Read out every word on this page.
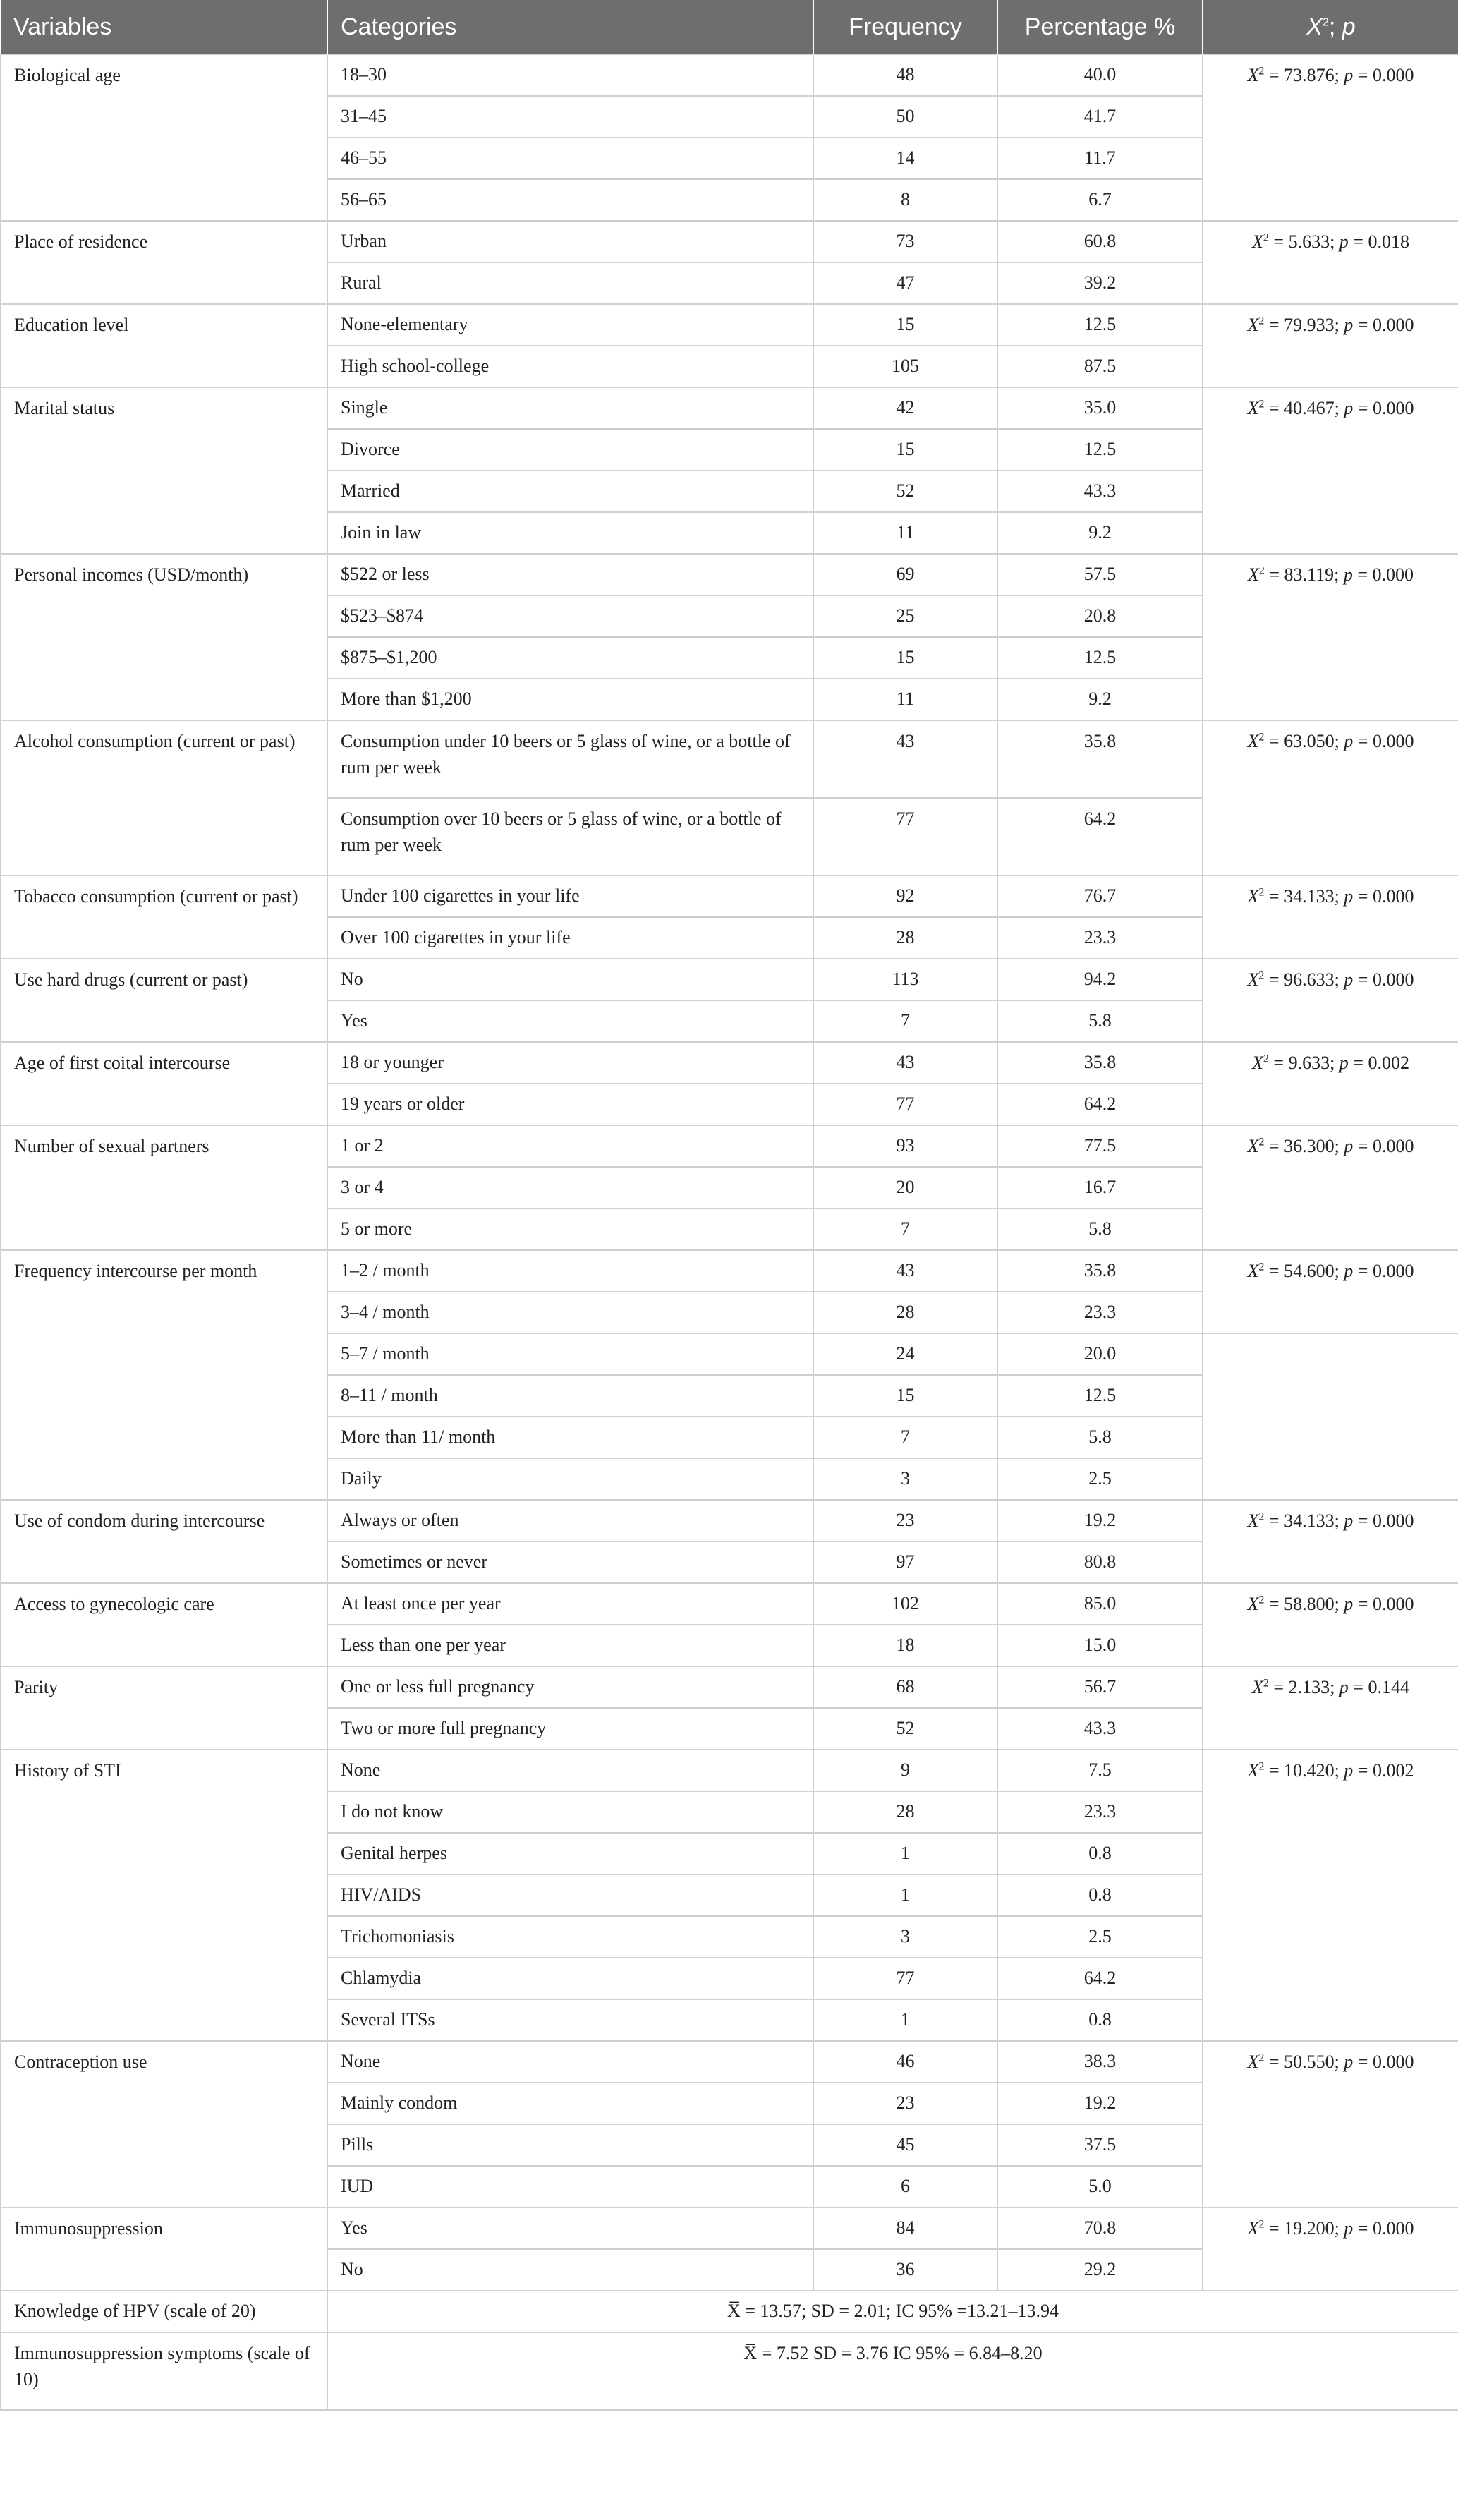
Variables	Categories	Frequency	Percentage %	$X^2$; p
Biological age	18–30	48	40.0	$X^2 = 73.876$; p = 0.000
	31–45	50	41.7	
	46–55	14	11.7	
	56–65	8	6.7	
Place of residence	Urban	73	60.8	$X^2 = 5.633$; p = 0.018
	Rural	47	39.2	
Education level	None-elementary	15	12.5	$X^2 = 79.933$; p = 0.000
	High school-college	105	87.5	
Marital status	Single	42	35.0	$X^2 = 40.467$; p = 0.000
	Divorce	15	12.5	
	Married	52	43.3	
	Join in law	11	9.2	
Personal incomes (USD/month)	$522 or less	69	57.5	$X^2 = 83.119$; p = 0.000
	$523–$874	25	20.8	
	$875–$1,200	15	12.5	
	More than $1,200	11	9.2	
Alcohol consumption (current or past)	Consumption under 10 beers or 5 glass of wine, or a bottle of rum per week	43	35.8	$X^2 = 63.050$; p = 0.000
	Consumption over 10 beers or 5 glass of wine, or a bottle of rum per week	77	64.2	
Tobacco consumption (current or past)	Under 100 cigarettes in your life	92	76.7	$X^2 = 34.133$; p = 0.000
	Over 100 cigarettes in your life	28	23.3	
Use hard drugs (current or past)	No	113	94.2	$X^2 = 96.633$; p = 0.000
	Yes	7	5.8	
Age of first coital intercourse	18 or younger	43	35.8	$X^2 = 9.633$; p = 0.002
	19 years or older	77	64.2	
Number of sexual partners	1 or 2	93	77.5	$X^2 = 36.300$; p = 0.000
	3 or 4	20	16.7	
	5 or more	7	5.8	
Frequency intercourse per month	1–2 / month	43	35.8	$X^2 = 54.600$; p = 0.000
	3–4 / month	28	23.3	
	5–7 / month	24	20.0	
	8–11 / month	15	12.5	
	More than 11/ month	7	5.8	
	Daily	3	2.5	
Use of condom during intercourse	Always or often	23	19.2	$X^2 = 34.133$; p = 0.000
	Sometimes or never	97	80.8	
Access to gynecologic care	At least once per year	102	85.0	$X^2 = 58.800$; p = 0.000
	Less than one per year	18	15.0	
Parity	One or less full pregnancy	68	56.7	$X^2 = 2.133$; p = 0.144
	Two or more full pregnancy	52	43.3	
History of STI	None	9	7.5	$X^2 = 10.420$; p = 0.002
	I do not know	28	23.3	
	Genital herpes	1	0.8	
	HIV/AIDS	1	0.8	
	Trichomoniasis	3	2.5	
	Chlamydia	77	64.2	
	Several ITSs	1	0.8	
Contraception use	None	46	38.3	$X^2 = 50.550$; p = 0.000
	Mainly condom	23	19.2	
	Pills	45	37.5	
	IUD	6	5.0	
Immunosuppression	Yes	84	70.8	$X^2 = 19.200$; p = 0.000
	No	36	29.2	
Knowledge of HPV (scale of 20)	X̅ = 13.57; SD = 2.01; IC 95% =13.21–13.94			
Immunosuppression symptoms (scale of 10)	X̅ = 7.52 SD = 3.76 IC 95% = 6.84–8.20			
